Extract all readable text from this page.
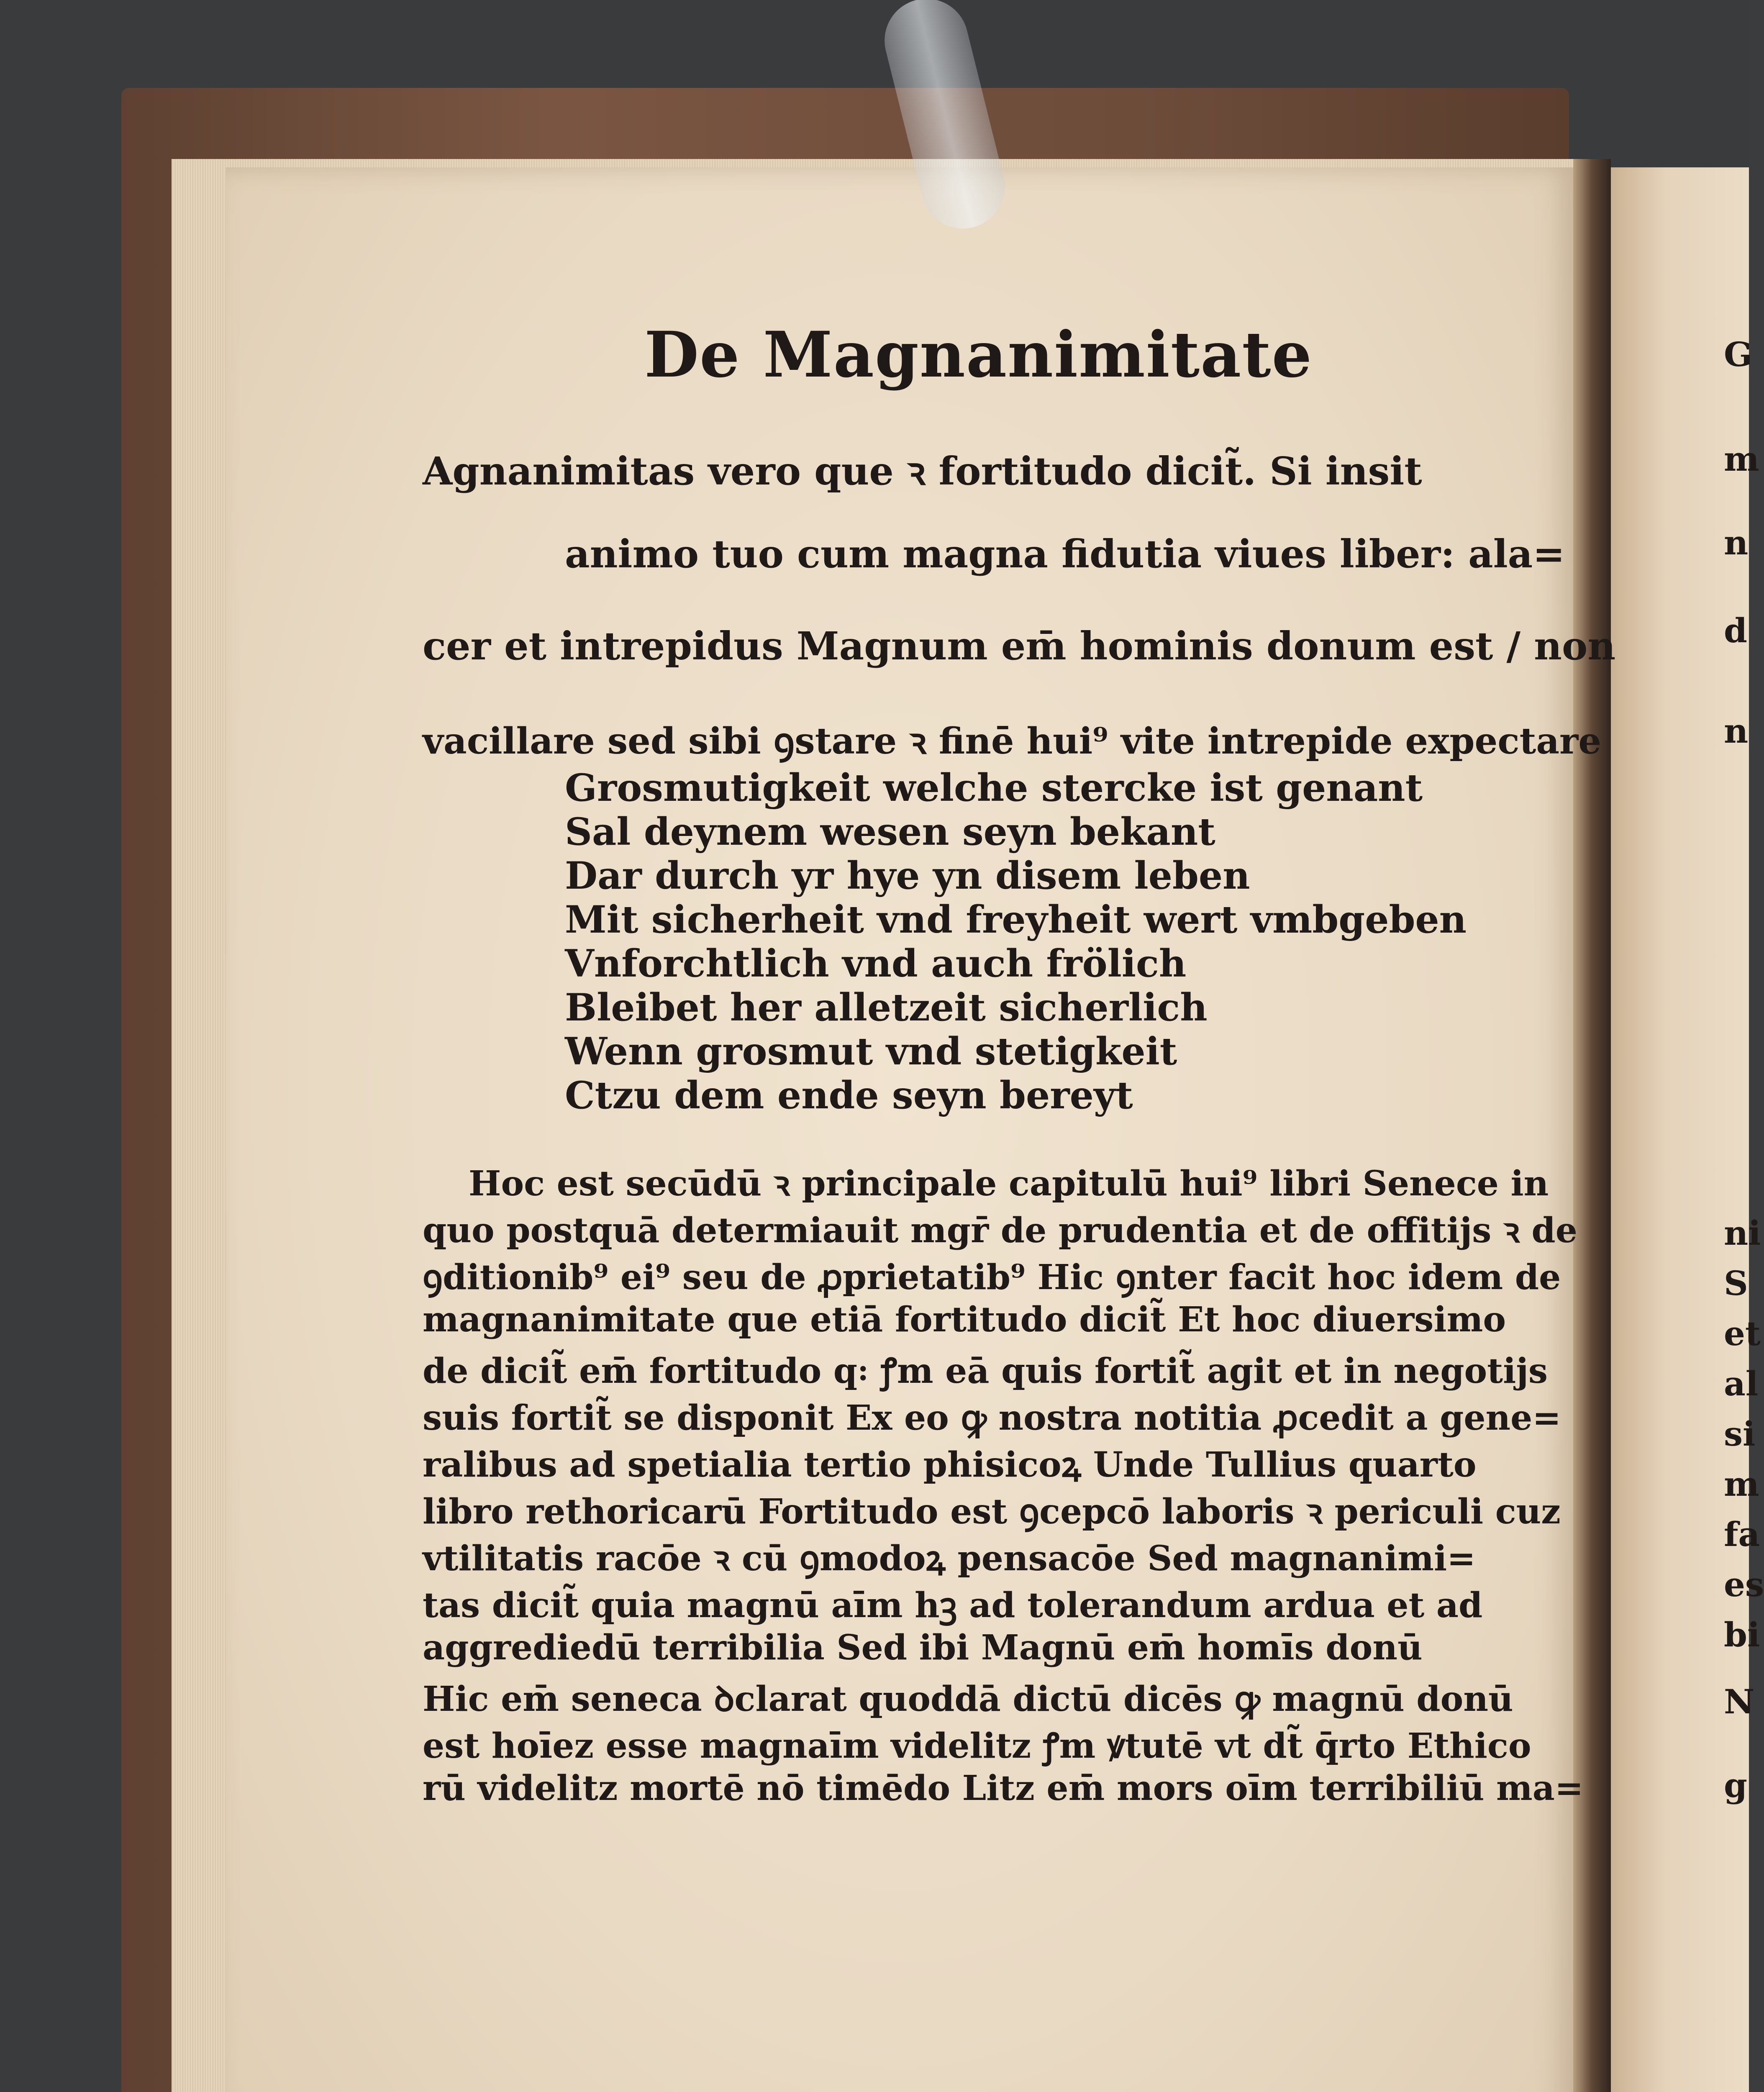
De Magnanimitate
Agnanimitas vero que ꝛ fortitudo dicit̃. Si insit
animo tuo cum magna fidutia viues liber: ala=
cer et intrepidus Magnum em̄ hominis donum est / non
vacillare sed sibi ꝯstare ꝛ finē hui⁹ vite intrepide expectare
Grosmutigkeit welche stercke ist genant
Sal deynem wesen seyn bekant
Dar durch yr hye yn disem leben
Mit sicherheit vnd freyheit wert vmbgeben
Vnforchtlich vnd auch frölich
Bleibet her alletzeit sicherlich
Wenn grosmut vnd stetigkeit
Ctzu dem ende seyn bereyt
Hoc est secūdū ꝛ principale capitulū hui⁹ libri Senece in
quo postquā determiauit mgr̄ de prudentia et de offitijs ꝛ de
ꝯditionib⁹ ei⁹ seu de ꝓprietatib⁹ Hic ꝯnter facit hoc idem de
magnanimitate que etiā fortitudo dicit̃ Et hoc diuersimo
de dicit̃ em̄ fortitudo q꞉ ꝭm eā quis fortit̃ agit et in negotijs
suis fortit̃ se disponit Ex eo ꝙ nostra notitia ꝓcedit a gene=
ralibus ad spetialia tertio phisicoꝝ Unde Tullius quarto
libro rethoricarū Fortitudo est ꝯcepcō laboris ꝛ periculi cuz
vtilitatis racōe ꝛ cū ꝯmodoꝝ pensacōe Sed magnanimi=
tas dicit̃ quia magnū aīm hꝫ ad tolerandum ardua et ad
aggrediedū terribilia Sed ibi Magnū em̄ homīs donū
Hic em̄ seneca ꝺclarat quoddā dictū dicēs ꝙ magnū donū
est hoīez esse magnaīm videlitz ꝭm ꝟtutē vt dt̃ q̄rto Ethico
rū videlitz mortē nō timēdo Litz em̄ mors oīm terribiliū ma=
G
m
n
d
n
ni
S
et
al
si
m
fa
es
bi
N
g
